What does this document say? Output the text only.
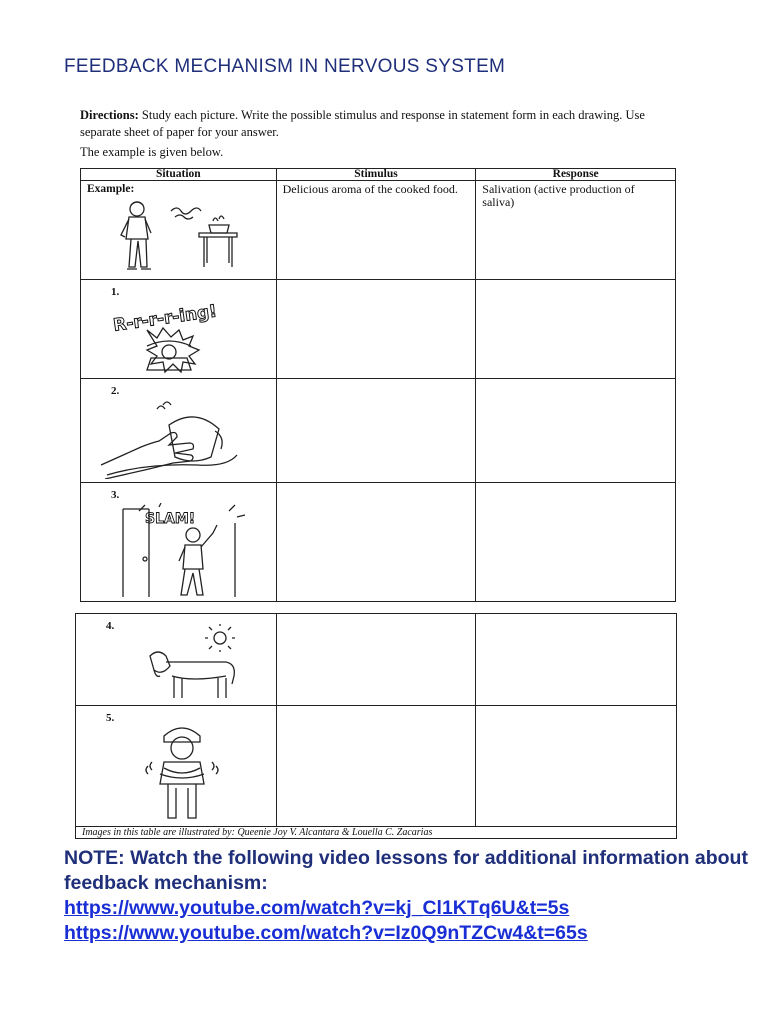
FEEDBACK MECHANISM IN NERVOUS SYSTEM
Directions: Study each picture. Write the possible stimulus and response in statement form in each drawing. Use separate sheet of paper for your answer.
The example is given below.
Situation	Stimulus	Response

Example:	Delicious aroma of the cooked food.	Salivation (active production of saliva)

1.
R-r-r-r-ing!		

2.		

3.
SLAM!		

4.		

5.		

Images in this table are illustrated by: Queenie Joy V. Alcantara & Louella C. Zacarias		
NOTE: Watch the following video lessons for additional information about feedback mechanism:
https://www.youtube.com/watch?v=kj_Cl1KTq6U&t=5s
https://www.youtube.com/watch?v=Iz0Q9nTZCw4&t=65s
